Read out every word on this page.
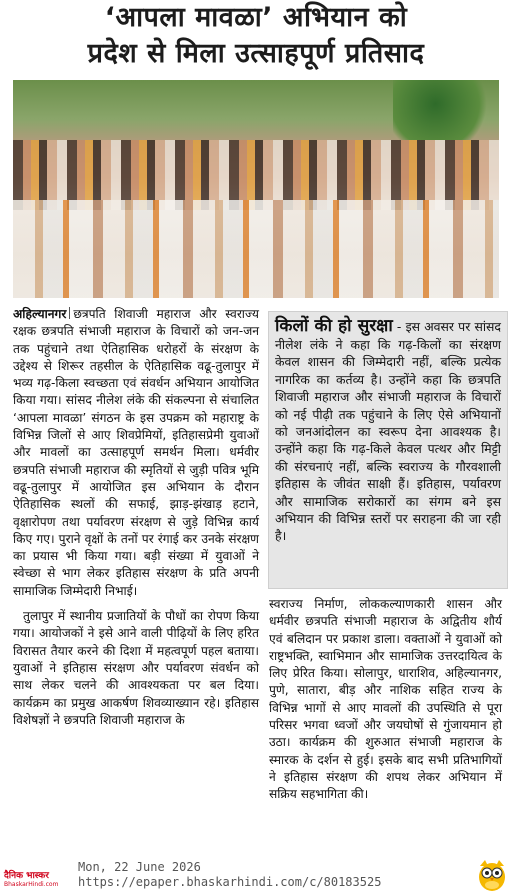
‘आपला मावळा’ अभियान को
प्रदेश से मिला उत्साहपूर्ण प्रतिसाद

अहिल्यानगर छत्रपति शिवाजी महाराज और स्वराज्य रक्षक छत्रपति संभाजी महाराज के विचारों को जन-जन तक पहुंचाने तथा ऐतिहासिक धरोहरों के संरक्षण के उद्देश्य से शिरूर तहसील के ऐतिहासिक वढू-तुलापुर में भव्य गढ़-किला स्वच्छता एवं संवर्धन अभियान आयोजित किया गया। सांसद नीलेश लंके की संकल्पना से संचालित ‘आपला मावळा’ संगठन के इस उपक्रम को महाराष्ट्र के विभिन्न जिलों से आए शिवप्रेमियों, इतिहासप्रेमी युवाओं और मावलों का उत्साहपूर्ण समर्थन मिला। धर्मवीर छत्रपति संभाजी महाराज की स्मृतियों से जुड़ी पवित्र भूमि वढू-तुलापुर में आयोजित इस अभियान के दौरान ऐतिहासिक स्थलों की सफाई, झाड़-झंखाड़ हटाने, वृक्षारोपण तथा पर्यावरण संरक्षण से जुड़े विभिन्न कार्य किए गए। पुराने वृक्षों के तनों पर रंगाई कर उनके संरक्षण का प्रयास भी किया गया। बड़ी संख्या में युवाओं ने स्वेच्छा से भाग लेकर इतिहास संरक्षण के प्रति अपनी सामाजिक जिम्मेदारी निभाई।

तुलापुर में स्थानीय प्रजातियों के पौधों का रोपण किया गया। आयोजकों ने इसे आने वाली पीढ़ियों के लिए हरित विरासत तैयार करने की दिशा में महत्वपूर्ण पहल बताया। युवाओं ने इतिहास संरक्षण और पर्यावरण संवर्धन को साथ लेकर चलने की आवश्यकता पर बल दिया। कार्यक्रम का प्रमुख आकर्षण शिवव्याख्यान रहे। इतिहास विशेषज्ञों ने छत्रपति शिवाजी महाराज के

किलों की हो सुरक्षा - इस अवसर पर सांसद नीलेश लंके ने कहा कि गढ़-किलों का संरक्षण केवल शासन की जिम्मेदारी नहीं, बल्कि प्रत्येक नागरिक का कर्तव्य है। उन्होंने कहा कि छत्रपति शिवाजी महाराज और संभाजी महाराज के विचारों को नई पीढ़ी तक पहुंचाने के लिए ऐसे अभियानों को जनआंदोलन का स्वरूप देना आवश्यक है। उन्होंने कहा कि गढ़-किले केवल पत्थर और मिट्टी की संरचनाएं नहीं, बल्कि स्वराज्य के गौरवशाली इतिहास के जीवंत साक्षी हैं। इतिहास, पर्यावरण और सामाजिक सरोकारों का संगम बने इस अभियान की विभिन्न स्तरों पर सराहना की जा रही है।

स्वराज्य निर्माण, लोककल्याणकारी शासन और धर्मवीर छत्रपति संभाजी महाराज के अद्वितीय शौर्य एवं बलिदान पर प्रकाश डाला। वक्ताओं ने युवाओं को राष्ट्रभक्ति, स्वाभिमान और सामाजिक उत्तरदायित्व के लिए प्रेरित किया। सोलापुर, धाराशिव, अहिल्यानगर, पुणे, सातारा, बीड़ और नाशिक सहित राज्य के विभिन्न भागों से आए मावलों की उपस्थिति से पूरा परिसर भगवा ध्वजों और जयघोषों से गुंजायमान हो उठा। कार्यक्रम की शुरुआत संभाजी महाराज के स्मारक के दर्शन से हुई। इसके बाद सभी प्रतिभागियों ने इतिहास संरक्षण की शपथ लेकर अभियान में सक्रिय सहभागिता की।

दैनिक भास्कर
BhaskarHindi.com
Mon, 22 June 2026
https://epaper.bhaskarhindi.com/c/80183525
